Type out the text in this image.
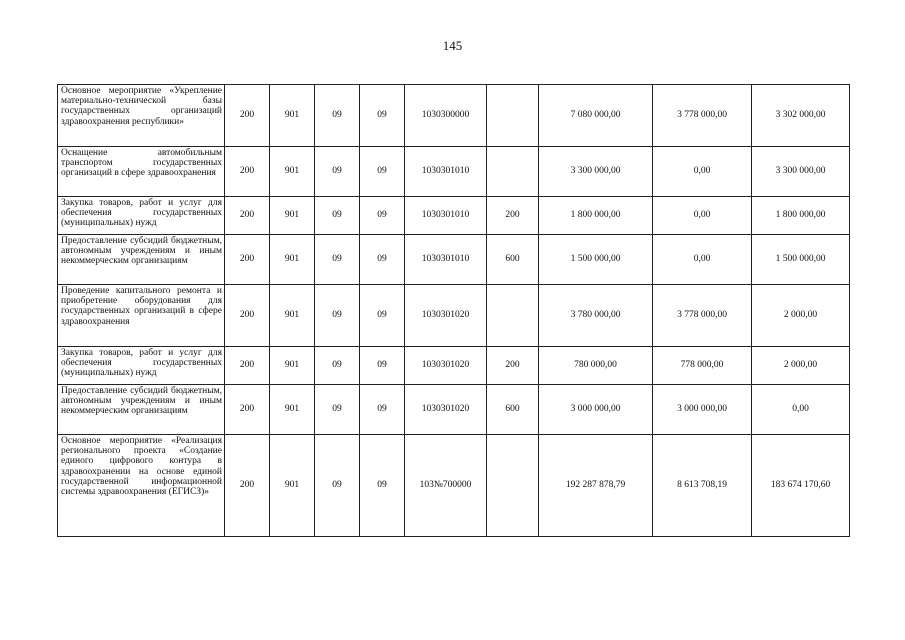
145
Основное мероприятие «Укрепление материально-технической базы государственных организаций здравоохранения республики»	200	901	09	09	1030300000		7 080 000,00	3 778 000,00	3 302 000,00
Оснащение автомобильным транспортом государственных организаций в сфере здравоохранения	200	901	09	09	1030301010		3 300 000,00	0,00	3 300 000,00
Закупка товаров, работ и услуг для обеспечения государственных (муниципальных) нужд	200	901	09	09	1030301010	200	1 800 000,00	0,00	1 800 000,00
Предоставление субсидий бюджетным, автономным учреждениям и иным некоммерческим организациям	200	901	09	09	1030301010	600	1 500 000,00	0,00	1 500 000,00
Проведение капитального ремонта и приобретение оборудования для государственных организаций в сфере здравоохранения	200	901	09	09	1030301020		3 780 000,00	3 778 000,00	2 000,00
Закупка товаров, работ и услуг для обеспечения государственных (муниципальных) нужд	200	901	09	09	1030301020	200	780 000,00	778 000,00	2 000,00
Предоставление субсидий бюджетным, автономным учреждениям и иным некоммерческим организациям	200	901	09	09	1030301020	600	3 000 000,00	3 000 000,00	0,00
Основное мероприятие «Реализация регионального проекта «Создание единого цифрового контура в здравоохранении на основе единой государственной информационной системы здравоохранения (ЕГИСЗ)»	200	901	09	09	103№700000		192 287 878,79	8 613 708,19	183 674 170,60
